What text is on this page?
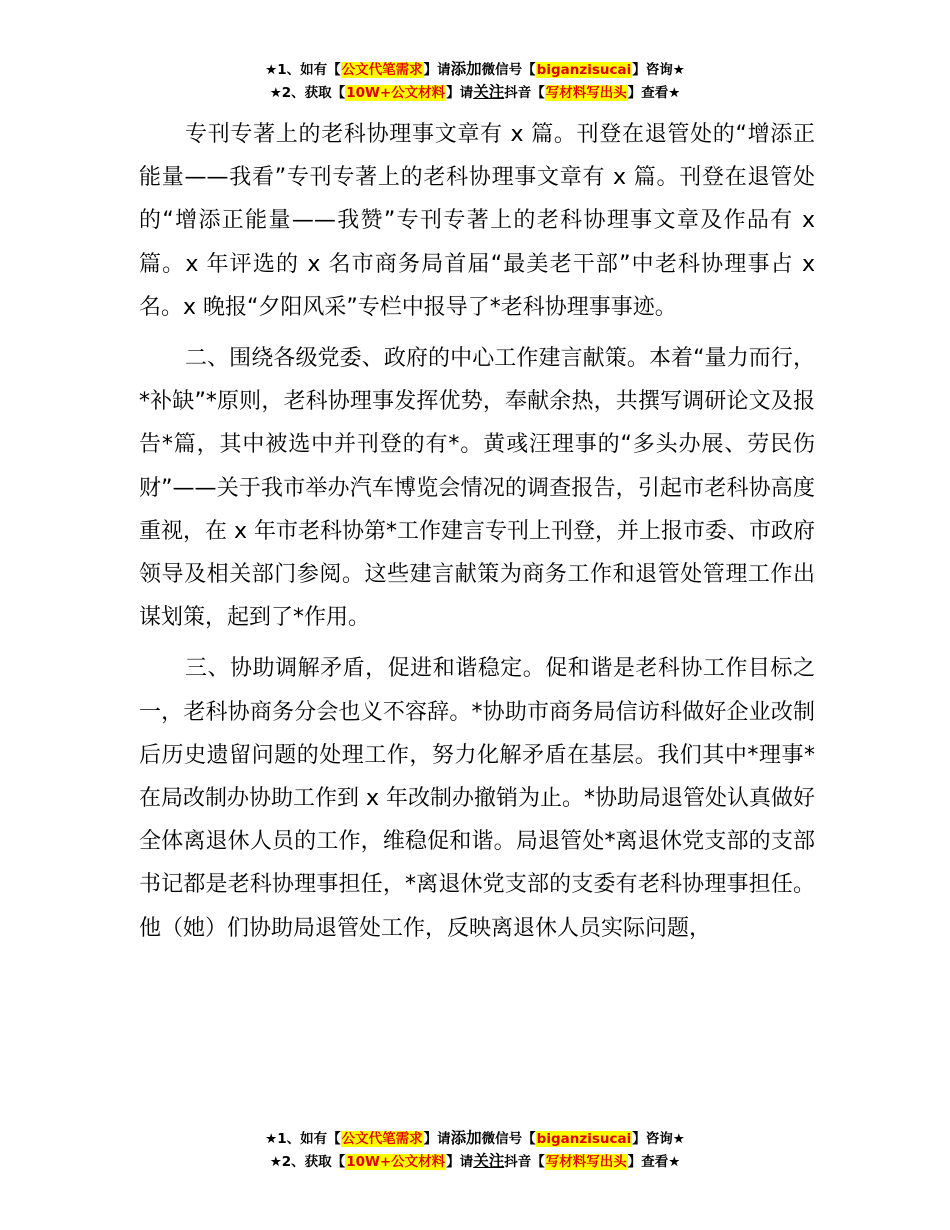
★1、如有【公文代笔需求】请添加微信号【biganzisucai】咨询★
★2、获取【10W+公文材料】请关注抖音【写材料写出头】查看★

专刊专著上的老科协理事文章有 x 篇。刊登在退管处的“增添正能量——我看”专刊专著上的老科协理事文章有 x 篇。刊登在退管处的“增添正能量——我赞”专刊专著上的老科协理事文章及作品有 x 篇。x 年评选的 x 名市商务局首届“最美老干部”中老科协理事占 x 名。x 晚报“夕阳风采”专栏中报导了*老科协理事事迹。

二、围绕各级党委、政府的中心工作建言献策。本着“量力而行，*补缺”*原则，老科协理事发挥优势，奉献余热，共撰写调研论文及报告*篇，其中被选中并刊登的有*。黄彧汪理事的“多头办展、劳民伤财”——关于我市举办汽车博览会情况的调查报告，引起市老科协高度重视，在 x 年市老科协第*工作建言专刊上刊登，并上报市委、市政府领导及相关部门参阅。这些建言献策为商务工作和退管处管理工作出谋划策，起到了*作用。

三、协助调解矛盾，促进和谐稳定。促和谐是老科协工作目标之一，老科协商务分会也义不容辞。*协助市商务局信访科做好企业改制后历史遗留问题的处理工作，努力化解矛盾在基层。我们其中*理事*在局改制办协助工作到 x 年改制办撤销为止。*协助局退管处认真做好全体离退休人员的工作，维稳促和谐。局退管处*离退休党支部的支部书记都是老科协理事担任，*离退休党支部的支委有老科协理事担任。他（她）们协助局退管处工作，反映离退休人员实际问题，

★1、如有【公文代笔需求】请添加微信号【biganzisucai】咨询★
★2、获取【10W+公文材料】请关注抖音【写材料写出头】查看★
